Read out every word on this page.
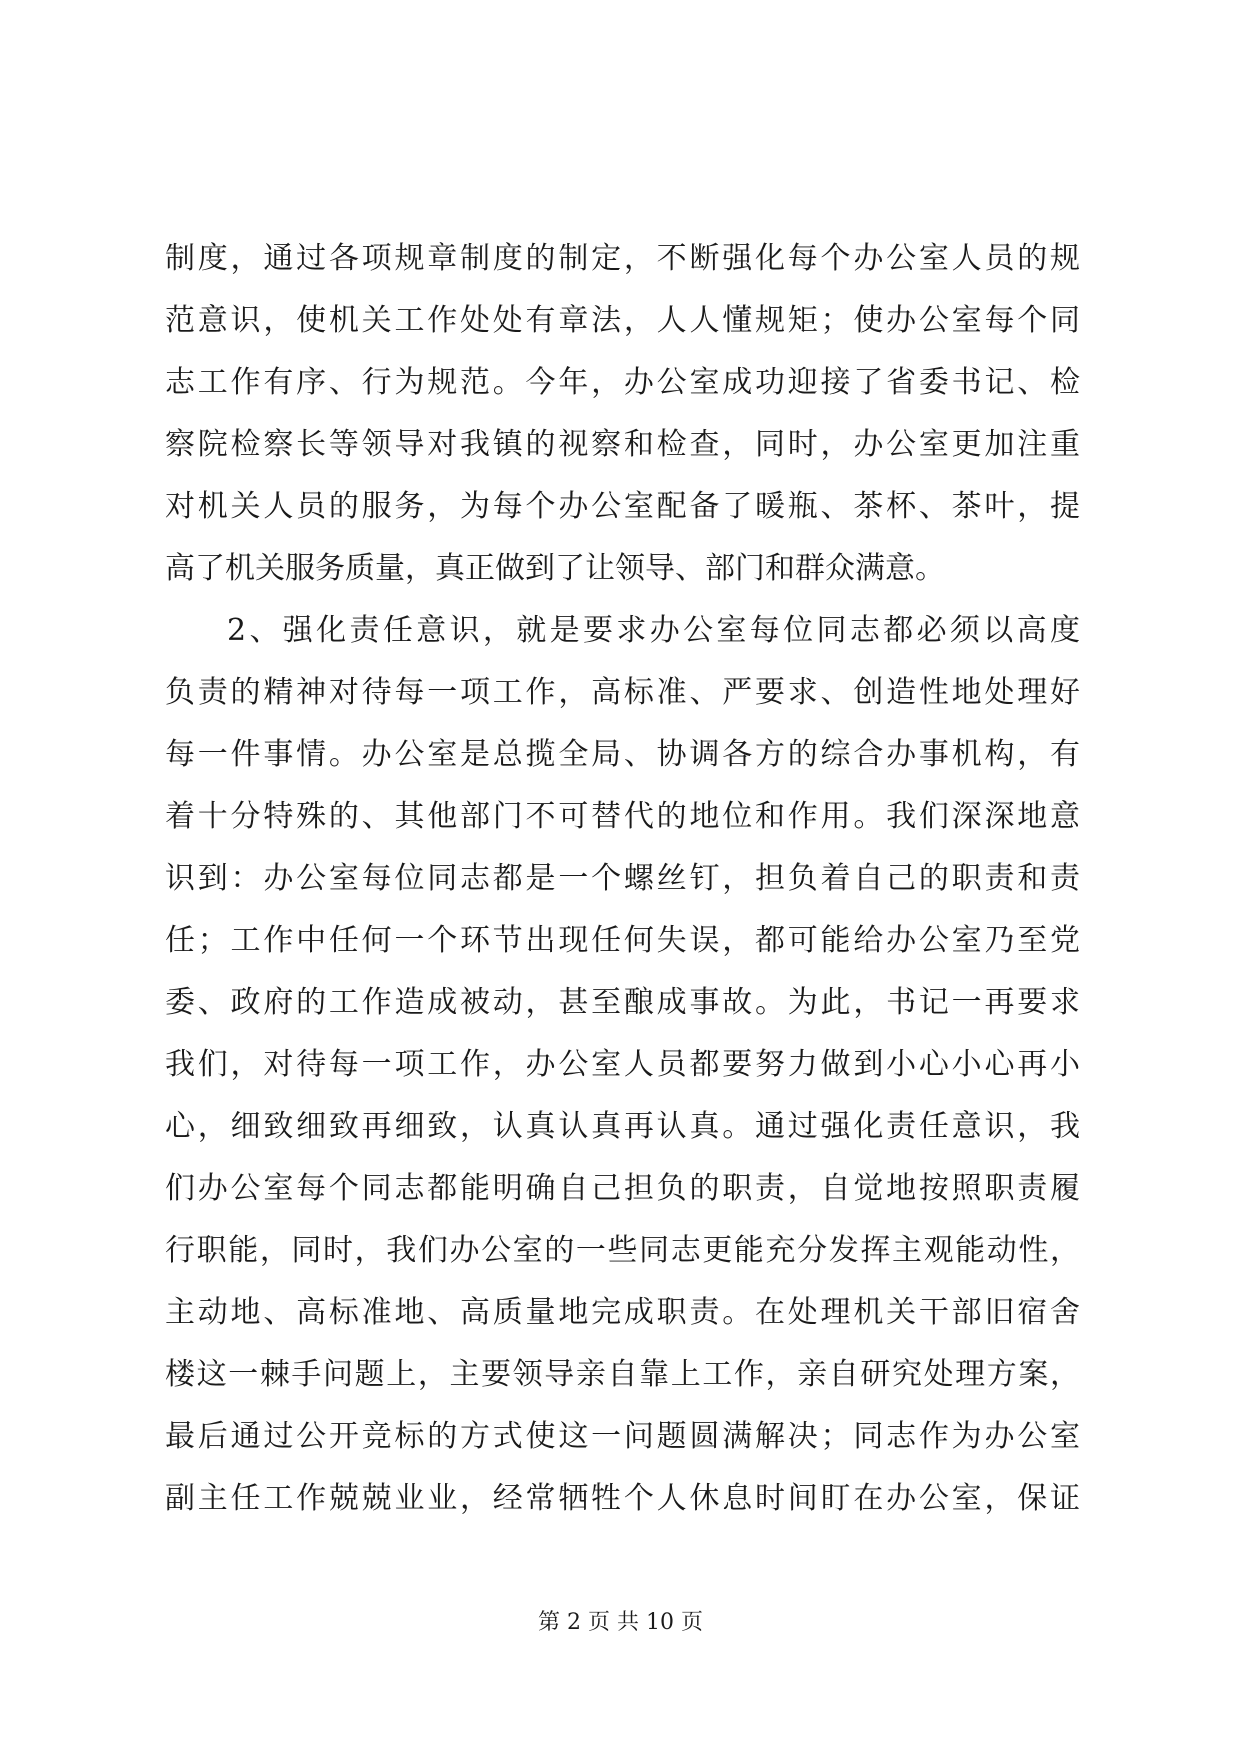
制度，通过各项规章制度的制定，不断强化每个办公室人员的规
范意识，使机关工作处处有章法，人人懂规矩；使办公室每个同
志工作有序、行为规范。今年，办公室成功迎接了省委书记、检
察院检察长等领导对我镇的视察和检查，同时，办公室更加注重
对机关人员的服务，为每个办公室配备了暖瓶、茶杯、茶叶，提
高了机关服务质量，真正做到了让领导、部门和群众满意。
2、强化责任意识，就是要求办公室每位同志都必须以高度
负责的精神对待每一项工作，高标准、严要求、创造性地处理好
每一件事情。办公室是总揽全局、协调各方的综合办事机构，有
着十分特殊的、其他部门不可替代的地位和作用。我们深深地意
识到：办公室每位同志都是一个螺丝钉，担负着自己的职责和责
任；工作中任何一个环节出现任何失误，都可能给办公室乃至党
委、政府的工作造成被动，甚至酿成事故。为此，书记一再要求
我们，对待每一项工作，办公室人员都要努力做到小心小心再小
心，细致细致再细致，认真认真再认真。通过强化责任意识，我
们办公室每个同志都能明确自己担负的职责，自觉地按照职责履
行职能，同时，我们办公室的一些同志更能充分发挥主观能动性，
主动地、高标准地、高质量地完成职责。在处理机关干部旧宿舍
楼这一棘手问题上，主要领导亲自靠上工作，亲自研究处理方案，
最后通过公开竞标的方式使这一问题圆满解决；同志作为办公室
副主任工作兢兢业业，经常牺牲个人休息时间盯在办公室，保证
第 2 页 共 10 页
